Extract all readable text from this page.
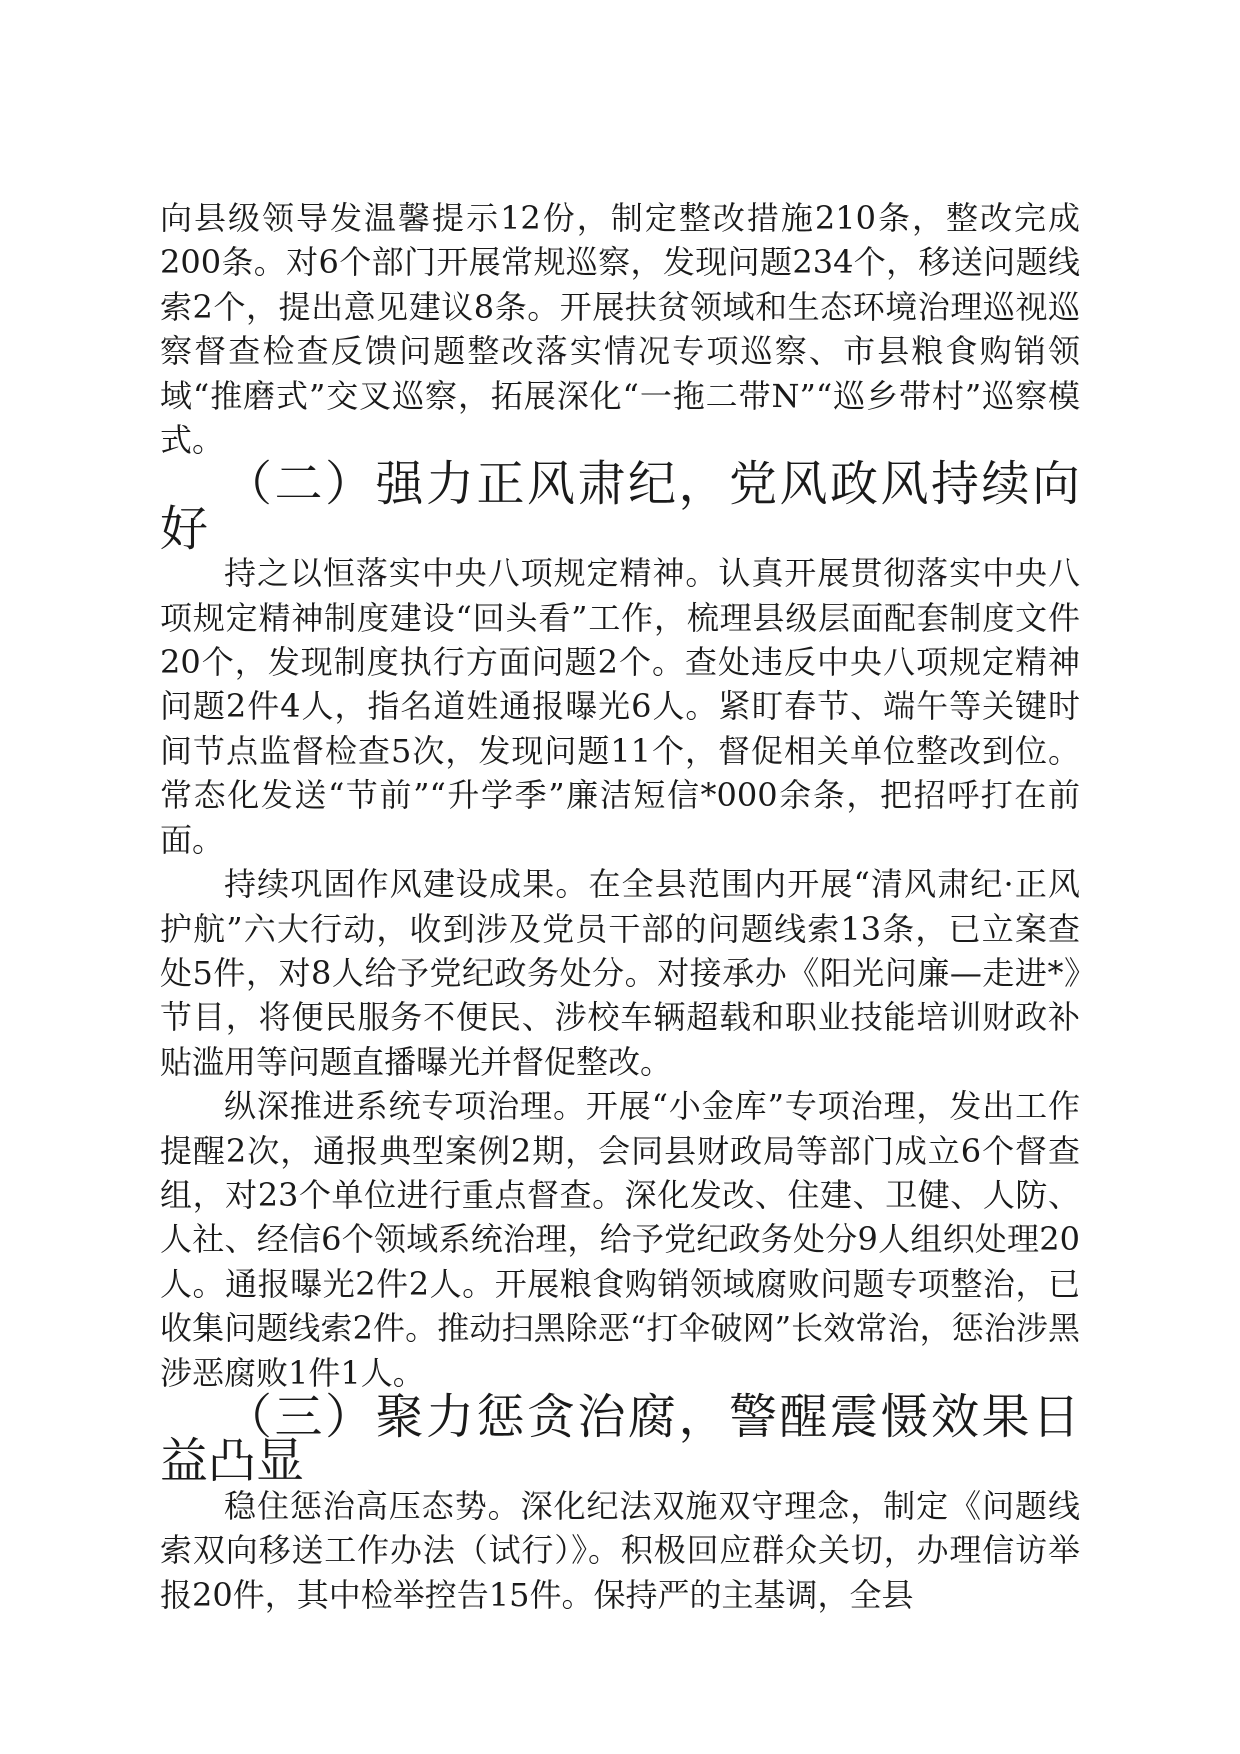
向县级领导发温馨提示12份，制定整改措施210条，整改完成200条。对6个部门开展常规巡察，发现问题234个，移送问题线索2个，提出意见建议8条。开展扶贫领域和生态环境治理巡视巡察督查检查反馈问题整改落实情况专项巡察、市县粮食购销领域“推磨式”交叉巡察，拓展深化“一拖二带N”“巡乡带村”巡察模式。

（二）强力正风肃纪，党风政风持续向好

持之以恒落实中央八项规定精神。认真开展贯彻落实中央八项规定精神制度建设“回头看”工作，梳理县级层面配套制度文件20个，发现制度执行方面问题2个。查处违反中央八项规定精神问题2件4人，指名道姓通报曝光6人。紧盯春节、端午等关键时间节点监督检查5次，发现问题11个，督促相关单位整改到位。常态化发送“节前”“升学季”廉洁短信*000余条，把招呼打在前面。

持续巩固作风建设成果。在全县范围内开展“清风肃纪·正风护航”六大行动，收到涉及党员干部的问题线索13条，已立案查处5件，对8人给予党纪政务处分。对接承办《阳光问廉—走进*》节目，将便民服务不便民、涉校车辆超载和职业技能培训财政补贴滥用等问题直播曝光并督促整改。

纵深推进系统专项治理。开展“小金库”专项治理，发出工作提醒2次，通报典型案例2期，会同县财政局等部门成立6个督查组，对23个单位进行重点督查。深化发改、住建、卫健、人防、人社、经信6个领域系统治理，给予党纪政务处分9人组织处理20人。通报曝光2件2人。开展粮食购销领域腐败问题专项整治，已收集问题线索2件。推动扫黑除恶“打伞破网”长效常治，惩治涉黑涉恶腐败1件1人。

（三）聚力惩贪治腐，警醒震慑效果日益凸显

稳住惩治高压态势。深化纪法双施双守理念，制定《问题线索双向移送工作办法（试行）》。积极回应群众关切，办理信访举报20件，其中检举控告15件。保持严的主基调，全县
